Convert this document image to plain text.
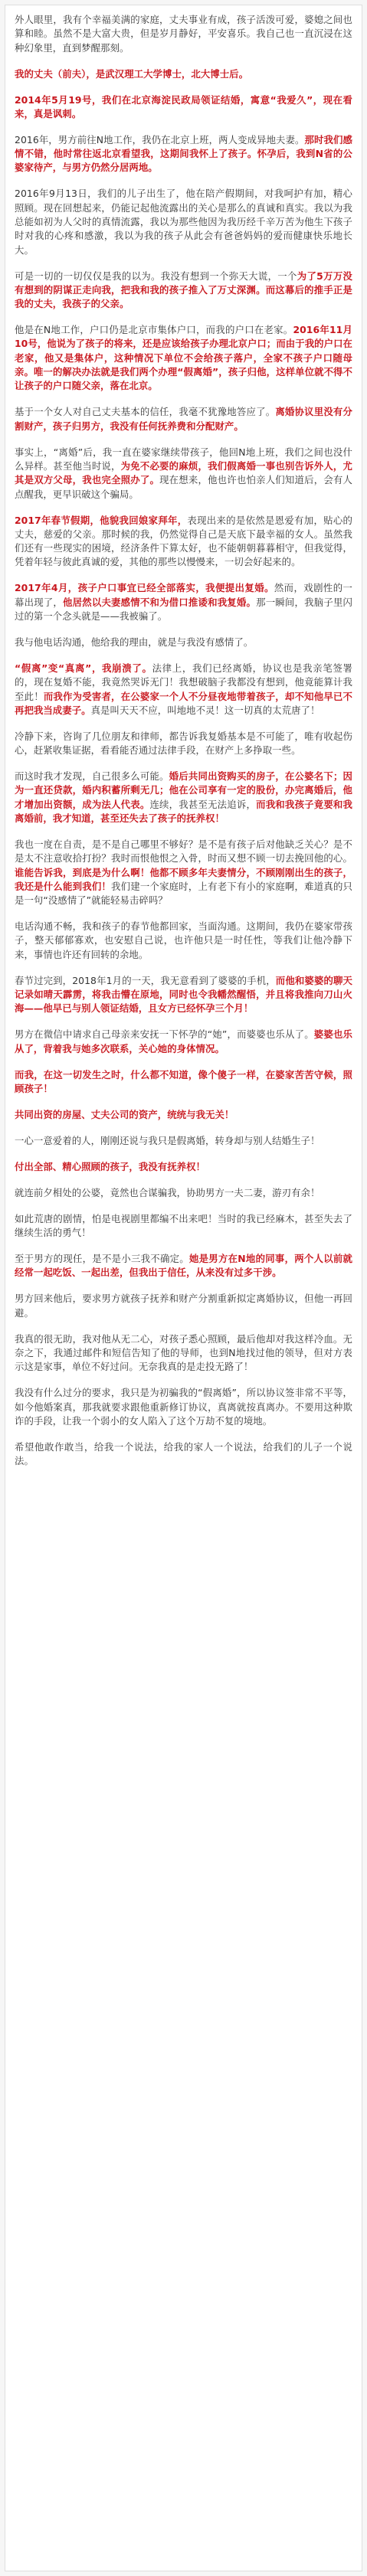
外人眼里，我有个幸福美满的家庭，丈夫事业有成，孩子活泼可爱，婆媳之间也算和睦。虽然不是大富大贵，但是岁月静好，平安喜乐。我自己也一直沉浸在这种幻象里，直到梦醒那刻。

我的丈夫（前夫），是武汉理工大学博士，北大博士后。

2014年5月19号，我们在北京海淀民政局领证结婚，寓意“我爱久”，现在看来，真是讽刺。

2016年，男方前往N地工作，我仍在北京上班，两人变成异地夫妻。那时我们感情不错，他时常往返北京看望我，这期间我怀上了孩子。怀孕后，我到N省的公婆家待产，与男方仍然分居两地。

2016年9月13日，我们的儿子出生了，他在陪产假期间，对我呵护有加，精心照顾。现在回想起来，仍能记起他流露出的关心是那么的真诚和真实。我以为我总能如初为人父时的真情流露，我以为那些他因为我历经千辛万苦为他生下孩子时对我的心疼和感激，我以为我的孩子从此会有爸爸妈妈的爱而健康快乐地长大。

可是一切的一切仅仅是我的以为。我没有想到一个弥天大谎，一个为了5万万没有想到的阴谋正走向我，把我和我的孩子推入了万丈深渊。而这幕后的推手正是我的丈夫，我孩子的父亲。

他是在N地工作，户口仍是北京市集体户口，而我的户口在老家。2016年11月10号，他说为了孩子的将来，还是应该给孩子办理北京户口；而由于我的户口在老家，他又是集体户，这种情况下单位不会给孩子落户，全家不孩子户口随母亲。唯一的解决办法就是我们两个办理“假离婚”，孩子归他，这样单位就不得不让孩子的户口随父亲，落在北京。

基于一个女人对自己丈夫基本的信任，我毫不犹豫地答应了。离婚协议里没有分割财产，孩子归男方，我没有任何抚养费和分配财产。

事实上，“离婚”后，我一直在婆家继续带孩子，他回N地上班，我们之间也没什么异样。甚至他当时说，为免不必要的麻烦，我们假离婚一事也别告诉外人，尤其是双方父母，我也完全照办了。现在想来，他也许也怕亲人们知道后，会有人点醒我，更早识破这个骗局。

2017年春节假期，他貌我回娘家拜年，表现出来的是依然是恩爱有加，贴心的丈夫，慈爱的父亲。那时候的我，仍然觉得自己是天底下最幸福的女人。虽然我们还有一些现实的困境，经济条件下算太好，也不能朝朝暮暮相守，但我觉得，凭着年轻与彼此真诚的爱，其他的那些以慢慢来，一切会好起来的。

2017年4月，孩子户口事宜已经全部落实，我便提出复婚。然而，戏剧性的一幕出现了，他居然以夫妻感情不和为借口推诿和我复婚。那一瞬间，我脑子里闪过的第一个念头就是——我被骗了。

我与他电话沟通，他给我的理由，就是与我没有感情了。

“假离”变“真离”，我崩溃了。法律上，我们已经离婚，协议也是我亲笔签署的，现在复婚不能，我竟然哭诉无门！我想破脑子我都没有想到，他竟能算计我至此！而我作为受害者，在公婆家一个人不分昼夜地带着孩子，却不知他早已不再把我当成妻子。真是叫天天不应，叫地地不灵！这一切真的太荒唐了！

冷静下来，咨询了几位朋友和律师，都告诉我复婚基本是不可能了，唯有收起伤心，赶紧收集证据，看看能否通过法律手段，在财产上多挣取一些。

而这时我才发现，自己很多么可能。婚后共同出资购买的房子，在公婆名下；因为一直还贷款，婚内积蓄所剩无几；他在公司享有一定的股份，办完离婚后，他才增加出资额，成为法人代表。连续，我甚至无法追诉，而我和我孩子竟要和我离婚前，我才知道，甚至还失去了孩子的抚养权！

我也一度在自责，是不是自己哪里不够好？是不是有孩子后对他缺乏关心？是不是太不注意收拾打扮？我时而恨他恨之入骨，时而又想不顾一切去挽回他的心。谁能告诉我，到底是为什么啊！他都不顾多年夫妻情分，不顾刚刚出生的孩子，我还是什么能到我们！我们建一个家庭时，上有老下有小的家庭啊，难道真的只是一句“没感情了”就能轻易击碎吗？

电话沟通不畅，我和孩子的春节他都回家，当面沟通。这期间，我仍在婆家带孩子，整天郁郁寡欢，也安慰自己说，也许他只是一时任性，等我们让他冷静下来，事情也许还有回转的余地。

春节过完到，2018年1月的一天，我无意看到了婆婆的手机，而他和婆婆的聊天记录如晴天霹雳，将我击懵在原地，同时也令我幡然醒悟，并且将我推向刀山火海——他早已与别人领证结婚，且女方已经怀孕三个月！

男方在微信中请求自己母亲来安抚一下怀孕的“她”，而婆婆也乐从了。婆婆也乐从了，背着我与她多次联系，关心她的身体情况。

而我，在这一切发生之时，什么都不知道，像个傻子一样，在婆家苦苦守候，照顾孩子！

共同出资的房屋、丈夫公司的资产，统统与我无关！

一心一意爱着的人，刚刚还说与我只是假离婚，转身却与别人结婚生子！

付出全部、精心照顾的孩子，我没有抚养权！

就连前夕相处的公婆，竟然也合谋骗我，协助男方一夫二妻，游刃有余！

如此荒唐的剧情，怕是电视剧里都编不出来吧！当时的我已经麻木，甚至失去了继续生活的勇气！

至于男方的现任，是不是小三我不确定。她是男方在N地的同事，两个人以前就经常一起吃饭、一起出差，但我出于信任，从来没有过多干涉。

男方回来他后，要求男方就孩子抚养和财产分割重新拟定离婚协议，但他一再回避。

我真的很无助，我对他从无二心，对孩子悉心照顾，最后他却对我这样冷血。无奈之下，我通过邮件和短信告知了他的导师，也到N地找过他的领导，但对方表示这是家事，单位不好过问。无奈我真的是走投无路了！

我没有什么过分的要求，我只是为初骗我的“假离婚”，所以协议签非常不平等，如今他婚案真，那我就要求跟他重新修订协议，真离就按真离办。不要用这种欺诈的手段，让我一个弱小的女人陷入了这个万劫不复的境地。

希望他敢作敢当，给我一个说法，给我的家人一个说法，给我们的儿子一个说法。
